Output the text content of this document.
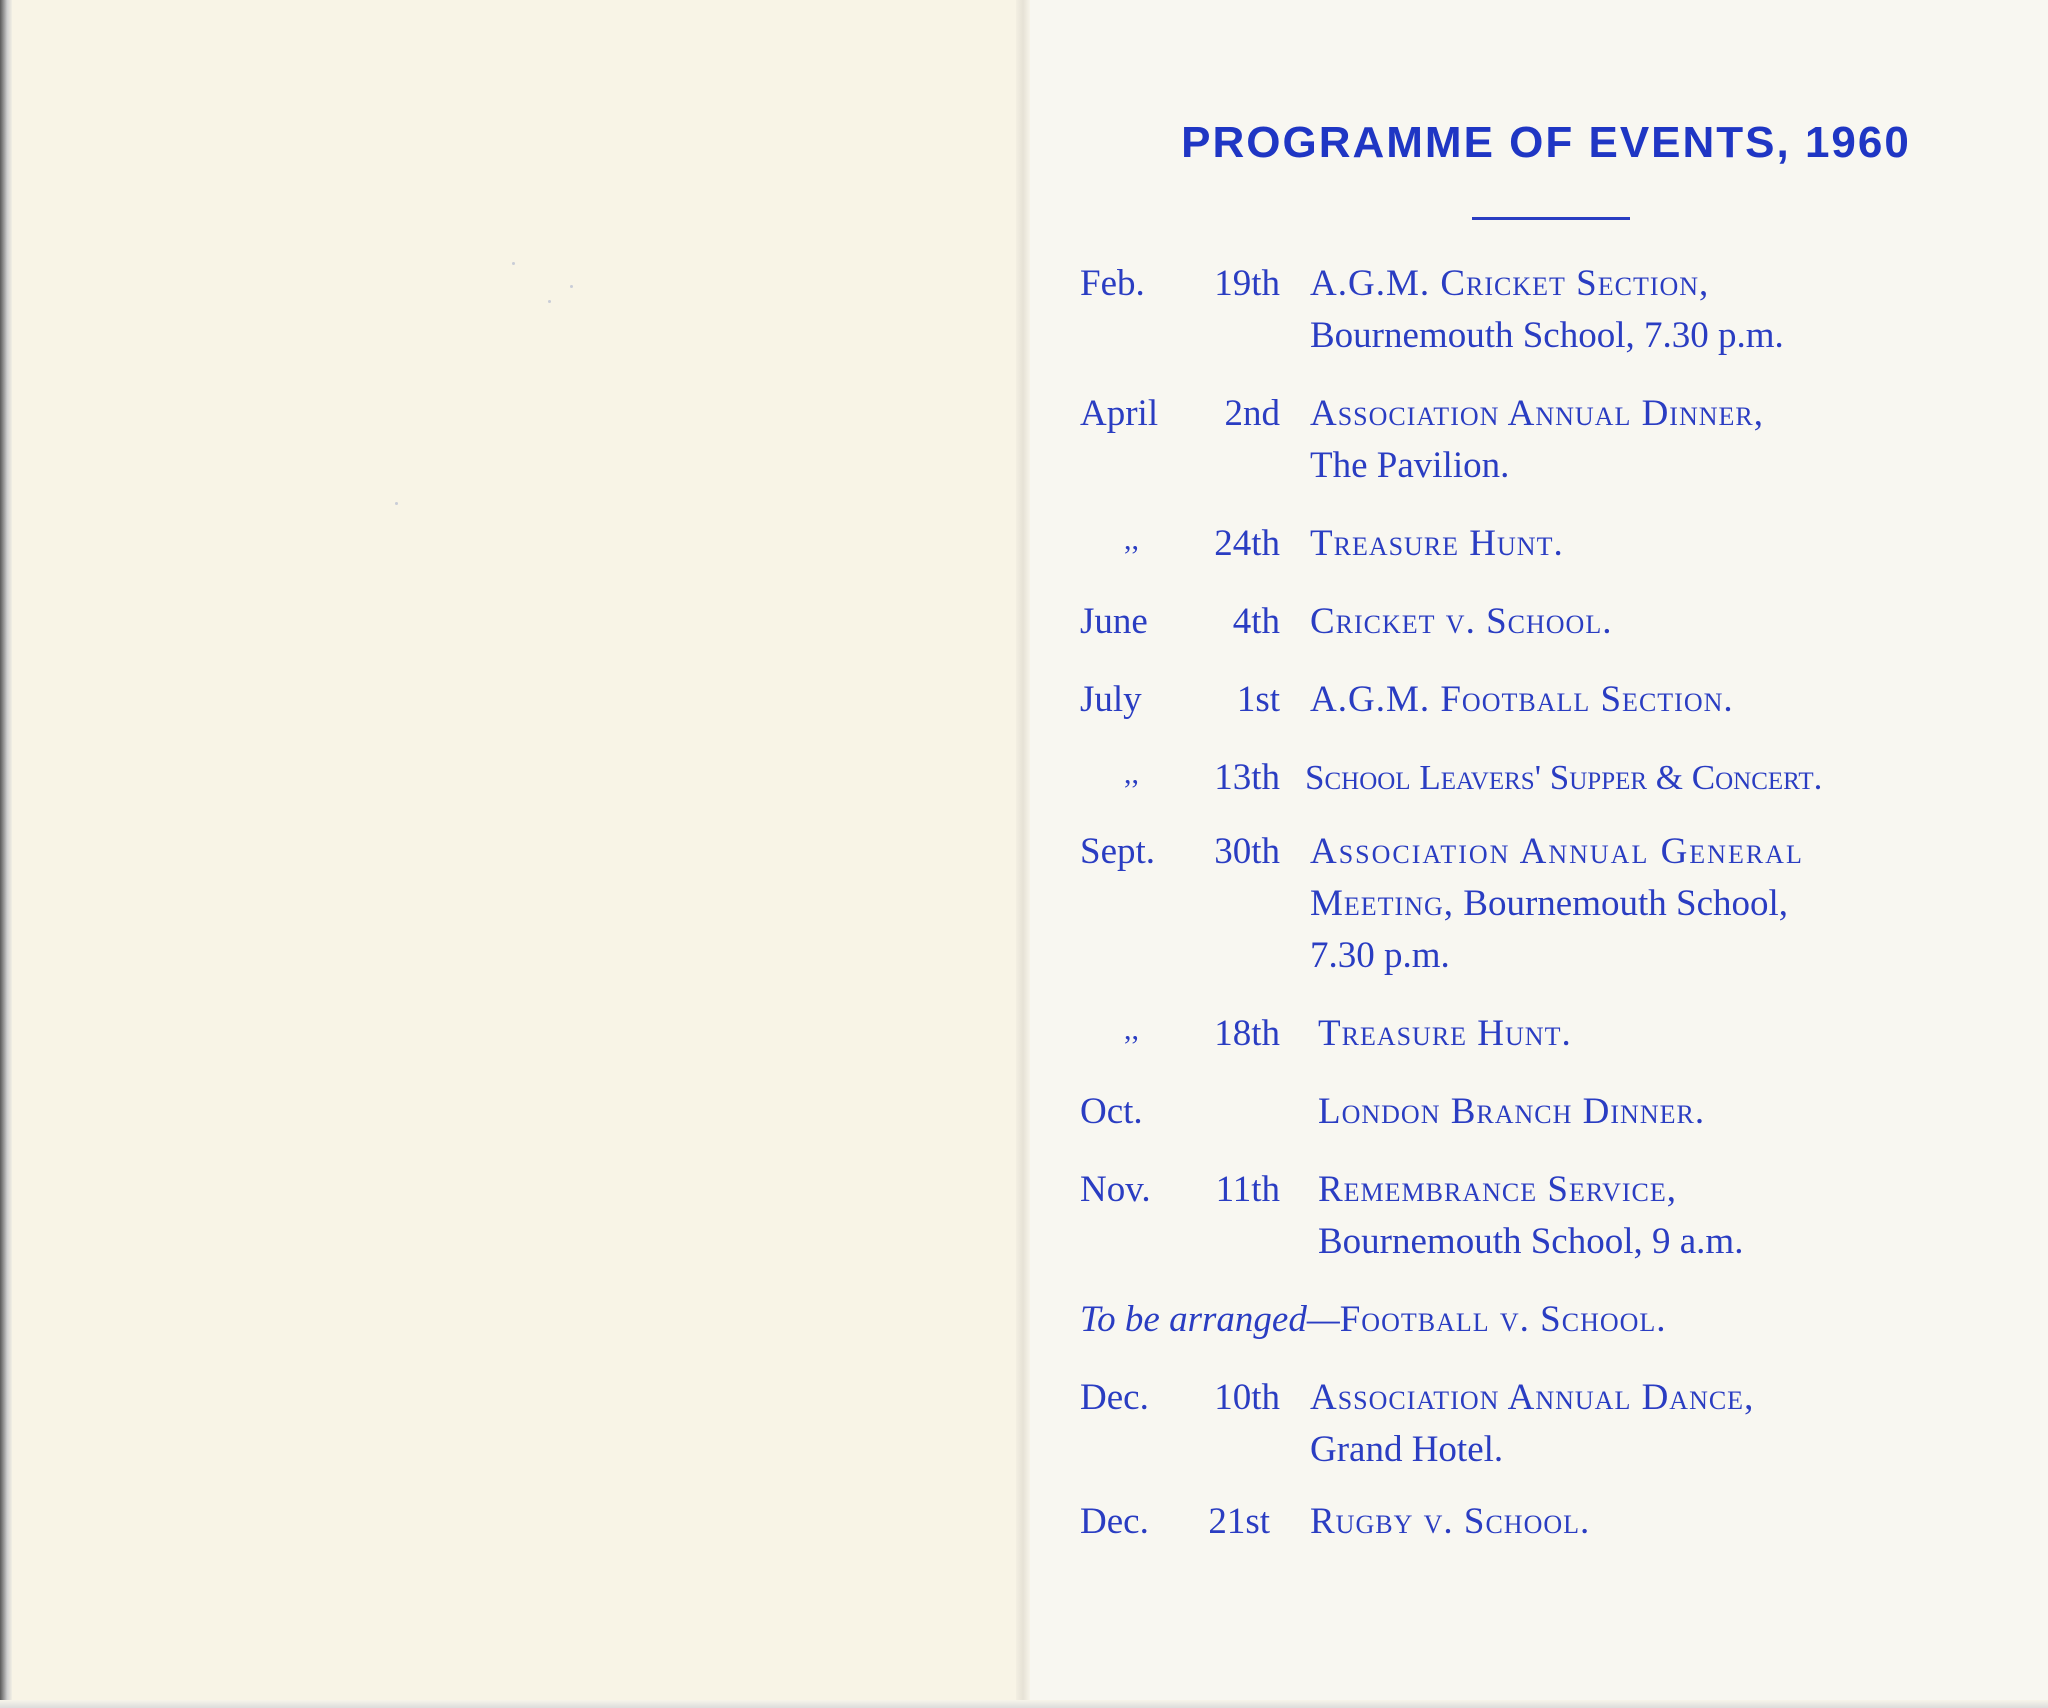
PROGRAMME OF EVENTS, 1960
Feb. 19th A.G.M. Cricket Section,
Bournemouth School, 7.30 p.m.
April 2nd Association Annual Dinner,
The Pavilion.
,, 24th Treasure Hunt.
June 4th Cricket v. School.
July	1st A.G.M. Football Section.
,, 13th School Leavers' Supper & Concert.
Sept. 30th Association Annual General
Meeting, Bournemouth School,
7.30 p.m.
,, 18th Treasure Hunt.
Oct.	London Branch Dinner.
Nov. 11th Remembrance Service,
Bournemouth School, 9 a.m.
To be arranged—Football v. School.
Dec. 10th Association Annual Dance,
Grand Hotel.
Dec. 21st Rugby v. School.
